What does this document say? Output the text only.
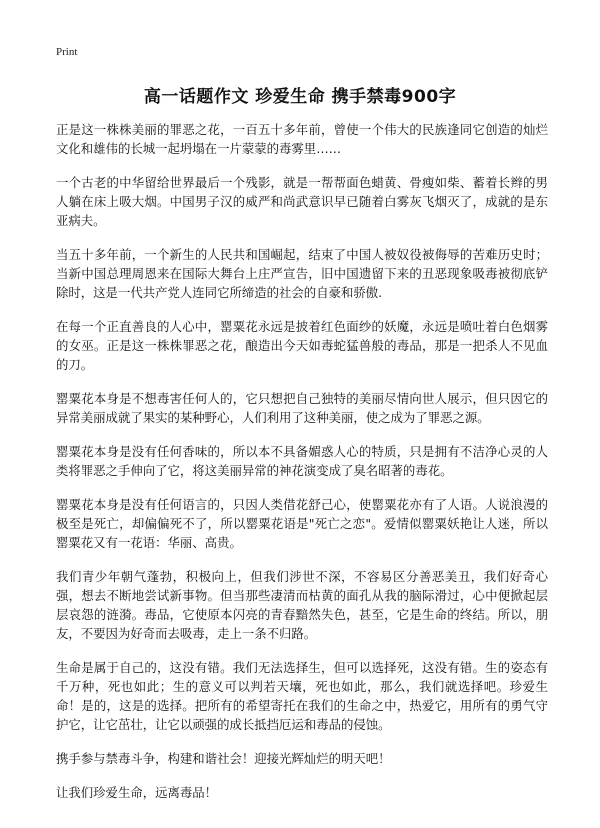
Print
高一话题作文 珍爱生命 携手禁毒900字

正是这一株株美丽的罪恶之花，一百五十多年前，曾使一个伟大的民族逢同它创造的灿烂文化和雄伟的长城一起坍塌在一片蒙蒙的毒雾里……

一个古老的中华留给世界最后一个残影，就是一帮帮面色蜡黄、骨瘦如柴、蓄着长辫的男人躺在床上吸大烟。中国男子汉的威严和尚武意识早已随着白雾灰飞烟灭了，成就的是东亚病夫。

当五十多年前，一个新生的人民共和国崛起，结束了中国人被奴役被侮辱的苦难历史时；当新中国总理周恩来在国际大舞台上庄严宣告，旧中国遗留下来的丑恶现象吸毒被彻底铲除时，这是一代共产党人连同它所缔造的社会的自豪和骄傲.

在每一个正直善良的人心中，罂粟花永远是披着红色面纱的妖魔，永远是喷吐着白色烟雾的女巫。正是这一株株罪恶之花，酿造出今天如毒蛇猛兽般的毒品，那是一把杀人不见血的刀。

罂粟花本身是不想毒害任何人的，它只想把自己独特的美丽尽情向世人展示，但只因它的异常美丽成就了果实的某种野心，人们利用了这种美丽，使之成为了罪恶之源。

罂粟花本身是没有任何香味的，所以本不具备媚惑人心的特质，只是拥有不洁净心灵的人类将罪恶之手伸向了它，将这美丽异常的神花演变成了臭名昭著的毒花。

罂粟花本身是没有任何语言的，只因人类借花舒己心，使罂粟花亦有了人语。人说浪漫的极至是死亡，却偏偏死不了，所以罂粟花语是"死亡之恋"。爱情似罂粟妖艳让人迷，所以罂粟花又有一花语：华丽、高贵。

我们青少年朝气蓬勃，积极向上，但我们涉世不深，不容易区分善恶美丑，我们好奇心强，想去不断地尝试新事物。但当那些凄清而枯黄的面孔从我的脑际滑过，心中便掀起层层哀怨的涟漪。毒品，它使原本闪亮的青春黯然失色，甚至，它是生命的终结。所以，朋友，不要因为好奇而去吸毒，走上一条不归路。

生命是属于自己的，这没有错。我们无法选择生，但可以选择死，这没有错。生的姿态有千万种，死也如此；生的意义可以判若天壤，死也如此，那么，我们就选择吧。珍爱生命！是的，这是的选择。把所有的希望寄托在我们的生命之中，热爱它，用所有的勇气守护它，让它茁壮，让它以顽强的成长抵挡厄运和毒品的侵蚀。

携手参与禁毒斗争，构建和谐社会！迎接光辉灿烂的明天吧！

让我们珍爱生命，远离毒品！
